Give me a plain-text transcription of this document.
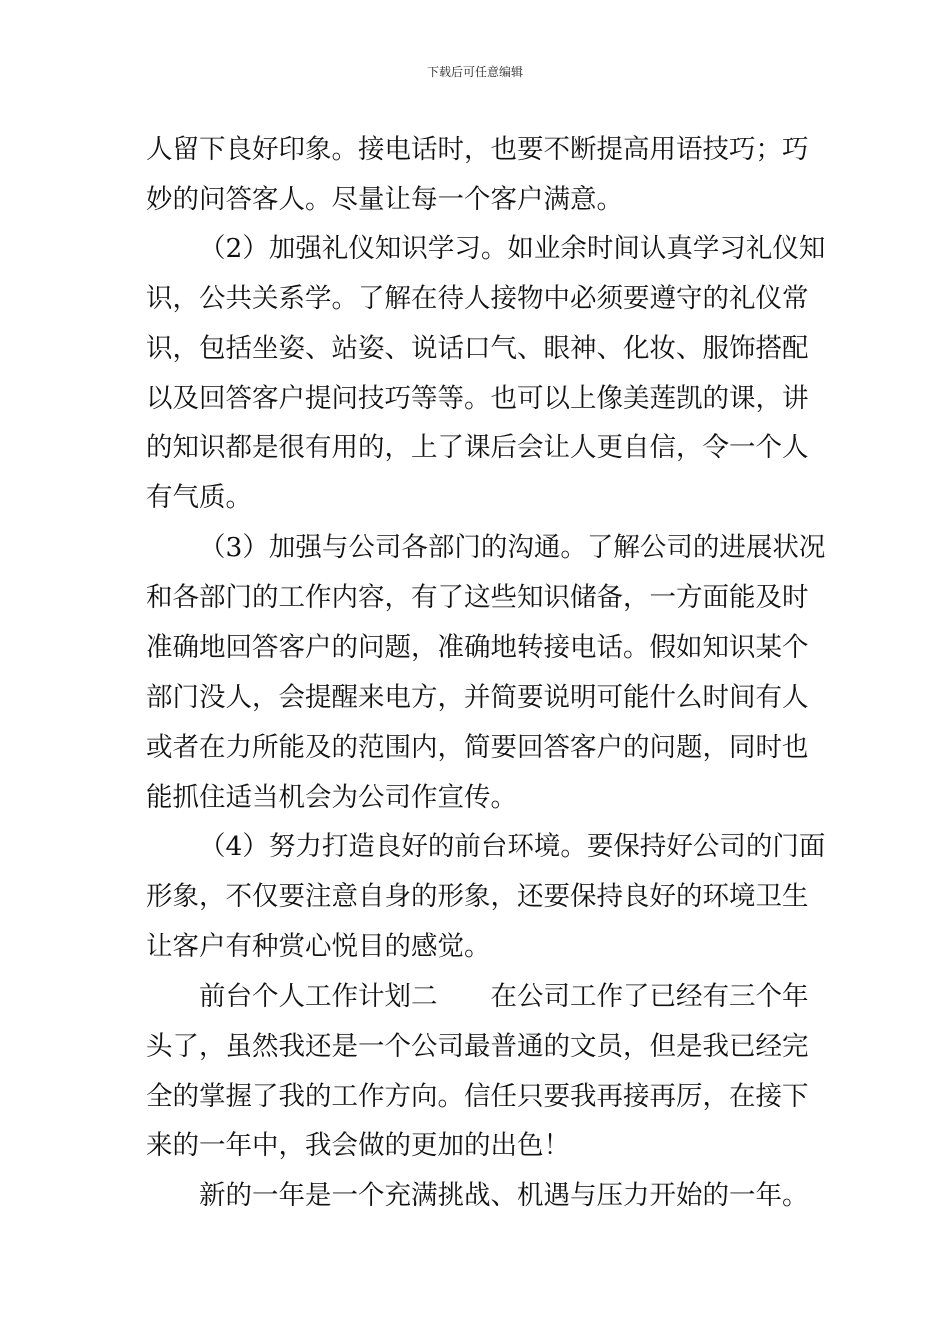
下载后可任意编辑
人留下良好印象。接电话时，也要不断提高用语技巧；巧
妙的问答客人。尽量让每一个客户满意。
（2）加强礼仪知识学习。如业余时间认真学习礼仪知
识，公共关系学。了解在待人接物中必须要遵守的礼仪常
识，包括坐姿、站姿、说话口气、眼神、化妆、服饰搭配
以及回答客户提问技巧等等。也可以上像美莲凯的课，讲
的知识都是很有用的，上了课后会让人更自信，令一个人
有气质。
（3）加强与公司各部门的沟通。了解公司的进展状况
和各部门的工作内容，有了这些知识储备，一方面能及时
准确地回答客户的问题，准确地转接电话。假如知识某个
部门没人，会提醒来电方，并简要说明可能什么时间有人
或者在力所能及的范围内，简要回答客户的问题，同时也
能抓住适当机会为公司作宣传。
（4）努力打造良好的前台环境。要保持好公司的门面
形象，不仅要注意自身的形象，还要保持良好的环境卫生
让客户有种赏心悦目的感觉。
前台个人工作计划二　　在公司工作了已经有三个年
头了，虽然我还是一个公司最普通的文员，但是我已经完
全的掌握了我的工作方向。信任只要我再接再厉，在接下
来的一年中，我会做的更加的出色！
新的一年是一个充满挑战、机遇与压力开始的一年。
